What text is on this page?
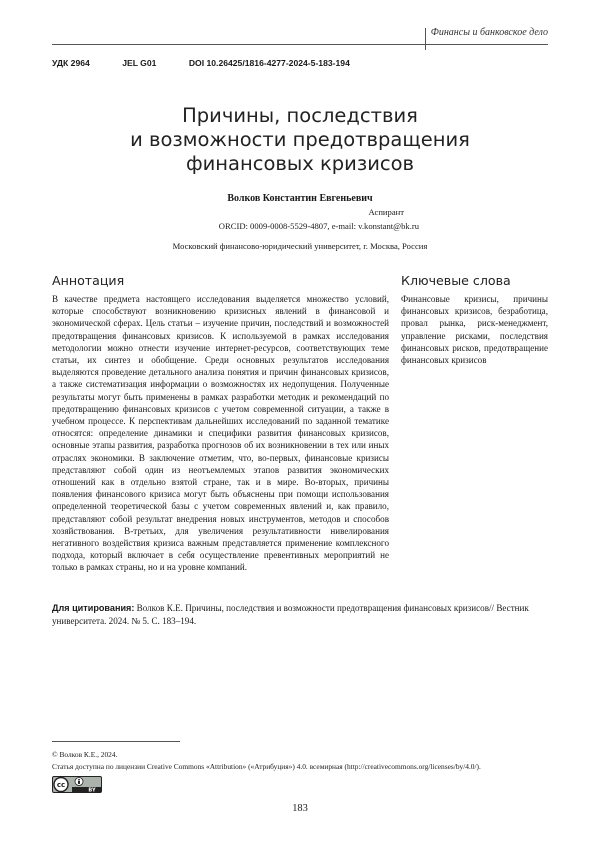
Финансы и банковское дело
УДК 2964	JEL G01	DOI 10.26425/1816-4277-2024-5-183-194
Причины, последствия
и возможности предотвращения
финансовых кризисов
Волков Константин Евгеньевич
Аспирант
ORCID: 0009-0008-5529-4807, e-mail: v.konstant@bk.ru
Московский финансово-юридический университет, г. Москва, Россия
Аннотация
В качестве предмета настоящего исследования выделяется множество условий, которые способствуют возникновению кризисных явлений в финансовой и экономической сферах. Цель статьи – изучение причин, последствий и возможностей предотвращения финансовых кризисов. К используемой в рамках исследования методологии можно отнести изучение интернет-ресурсов, соответствующих теме статьи, их синтез и обобщение. Среди основных результатов исследования выделяются проведение детального анализа понятия и причин финансовых кризисов, а также систематизация информации о возможностях их недопущения. Полученные результаты могут быть применены в рамках разработки методик и рекомендаций по предотвращению финансовых кризисов с учетом современной ситуации, а также в учебном процессе. К перспективам дальнейших исследований по заданной тематике относятся: определение динамики и специфики развития финансовых кризисов, основные этапы развития, разработка прогнозов об их возникновении в тех или иных отраслях экономики. В заключение отметим, что, во-первых, финансовые кризисы представляют собой один из неотъемлемых этапов развития экономических отношений как в отдельно взятой стране, так и в мире. Во-вторых, причины появления финансового кризиса могут быть объяснены при помощи использования определенной теоретической базы с учетом современных явлений и, как правило, представляют собой результат внедрения новых инструментов, методов и способов хозяйствования. В-третьих, для увеличения результативности нивелирования негативного воздействия кризиса важным представляется применение комплексного подхода, который включает в себя осуществление превентивных мероприятий не только в рамках страны, но и на уровне компаний.
Ключевые слова
Финансовые кризисы, причины финансовых кризисов, безработица, провал рынка, риск-менеджмент, управление рисками, последствия финансовых рисков, предотвращение финансовых кризисов
Для цитирования: Волков К.Е. Причины, последствия и возможности предотвращения финансовых кризисов// Вестник университета. 2024. № 5. С. 183–194.
© Волков К.Е., 2024.
Статья доступна по лицензии Creative Commons «Attribution» («Атрибуция») 4.0. всемирная (http://creativecommons.org/licenses/by/4.0/).
cc
BY
183
